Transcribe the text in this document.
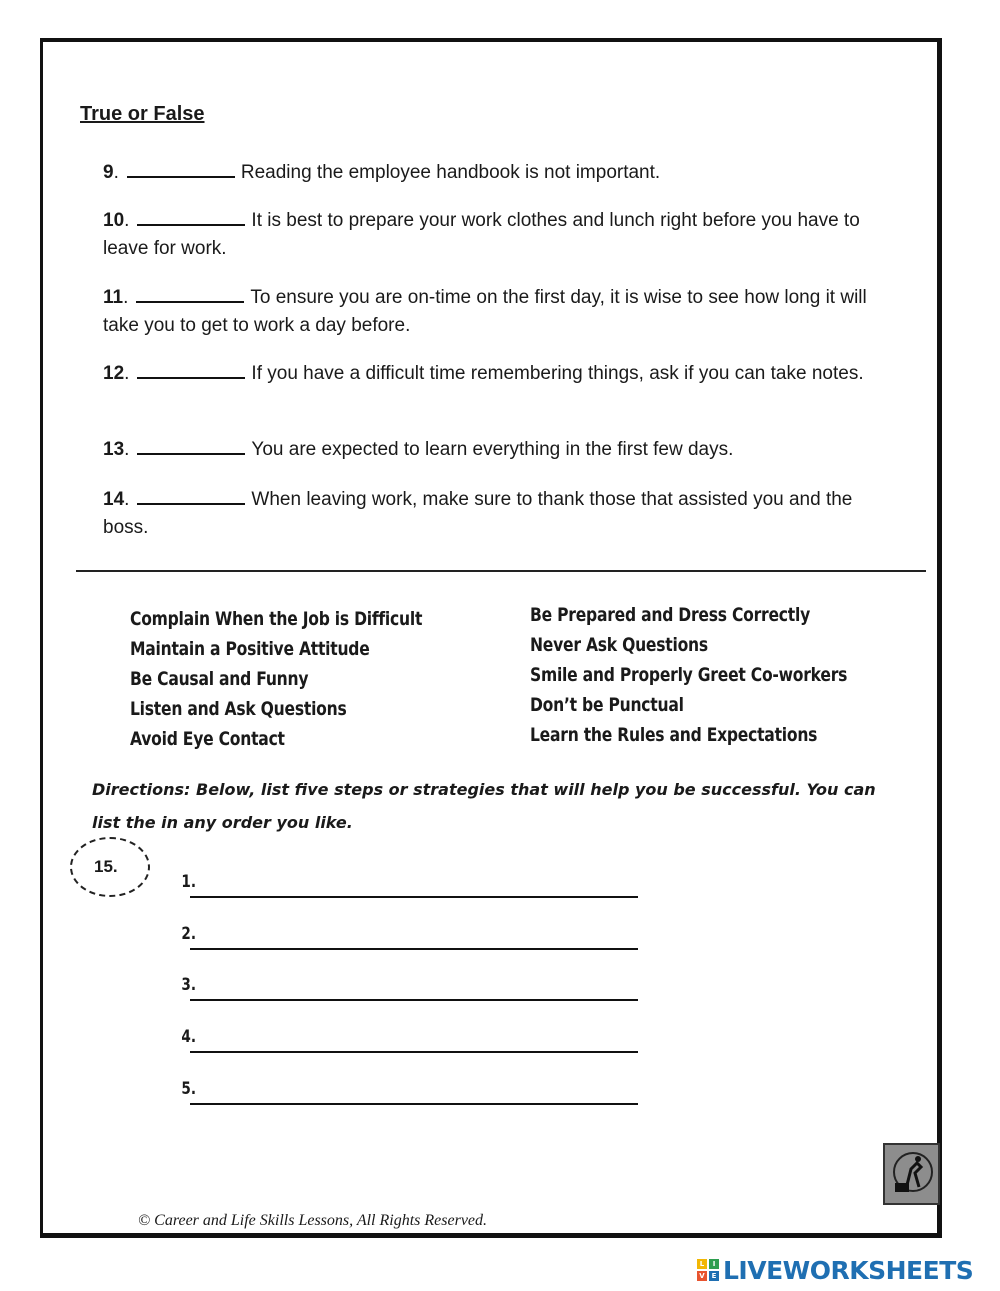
True or False
9.	Reading the employee handbook is not important.
10.	It is best to prepare your work clothes and lunch right before you have to leave for work.
11.	To ensure you are on-time on the first day, it is wise to see how long it will take you to get to work a day before.
12.	If you have a difficult time remembering things, ask if you can take notes.
13.	You are expected to learn everything in the first few days.
14.	When leaving work, make sure to thank those that assisted you and the boss.
Complain When the Job is Difficult
Maintain a Positive Attitude
Be Causal and Funny
Listen and Ask Questions
Avoid Eye Contact
Be Prepared and Dress Correctly
Never Ask Questions
Smile and Properly Greet Co-workers
Don’t be Punctual
Learn the Rules and Expectations
Directions: Below, list five steps or strategies that will help you be successful. You can list the in any order you like.
15.
1.
2.
3.
4.
5.
© Career and Life Skills Lessons, All Rights Reserved.
L	I
V E LIVEWORKSHEETS
